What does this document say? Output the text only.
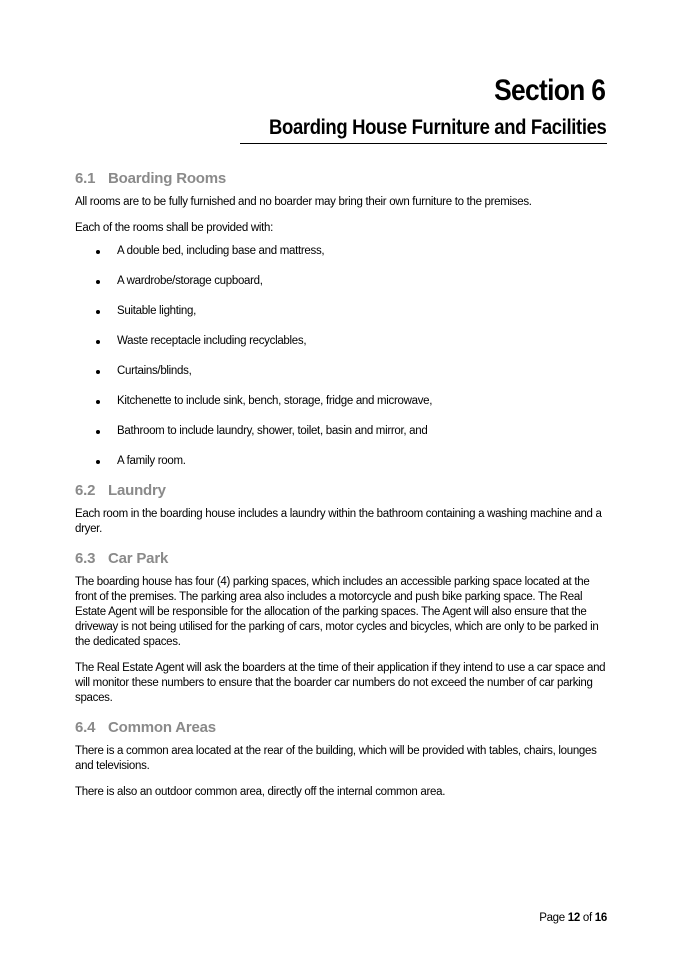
Section 6
Boarding House Furniture and Facilities
6.1 Boarding Rooms

All rooms are to be fully furnished and no boarder may bring their own furniture to the premises.

Each of the rooms shall be provided with:

A double bed, including base and mattress,
A wardrobe/storage cupboard,
Suitable lighting,
Waste receptacle including recyclables,
Curtains/blinds,
Kitchenette to include sink, bench, storage, fridge and microwave,
Bathroom to include laundry, shower, toilet, basin and mirror, and
A family room.
6.2 Laundry

Each room in the boarding house includes a laundry within the bathroom containing a washing machine and a dryer.

6.3 Car Park

The boarding house has four (4) parking spaces, which includes an accessible parking space located at the front of the premises. The parking area also includes a motorcycle and push bike parking space. The Real Estate Agent will be responsible for the allocation of the parking spaces. The Agent will also ensure that the driveway is not being utilised for the parking of cars, motor cycles and bicycles, which are only to be parked in the dedicated spaces.

The Real Estate Agent will ask the boarders at the time of their application if they intend to use a car space and will monitor these numbers to ensure that the boarder car numbers do not exceed the number of car parking spaces.

6.4 Common Areas

There is a common area located at the rear of the building, which will be provided with tables, chairs, lounges and televisions.

There is also an outdoor common area, directly off the internal common area.

Page 12 of 16
